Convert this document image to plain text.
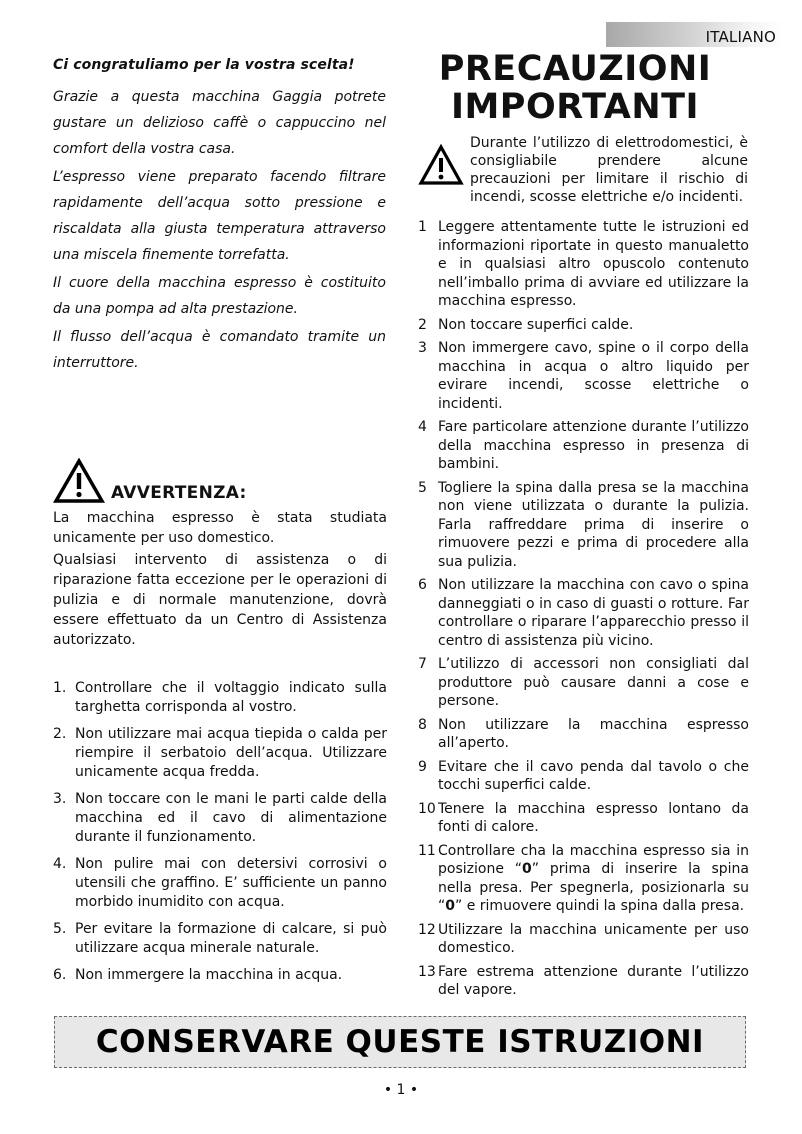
ITALIANO
Ci congratuliamo per la vostra scelta!

Grazie a questa macchina Gaggia potrete gustare un delizioso caffè o cappuccino nel comfort della vostra casa.

L’espresso viene preparato facendo filtrare rapidamente dell’acqua sotto pressione e riscaldata alla giusta temperatura attraverso una miscela finemente torrefatta.

Il cuore della macchina espresso è costituito da una pompa ad alta prestazione.

Il flusso dell’acqua è comandato tramite un interruttore.

AVVERTENZA:

La macchina espresso è stata studiata unicamente per uso domestico.

Qualsiasi intervento di assistenza o di riparazione fatta eccezione per le operazioni di pulizia e di normale manutenzione, dovrà essere effettuato da un Centro di Assistenza autorizzato.

1. Controllare che il voltaggio indicato sulla targhetta corrisponda al vostro.
2. Non utilizzare mai acqua tiepida o calda per riempire il serbatoio dell’acqua. Utilizzare unicamente acqua fredda.
3. Non toccare con le mani le parti calde della macchina ed il cavo di alimentazione durante il funzionamento.
4. Non pulire mai con detersivi corrosivi o utensili che graffino. E’ sufficiente un panno morbido inumidito con acqua.
5. Per evitare la formazione di calcare, si può utilizzare acqua minerale naturale.
6. Non immergere la macchina in acqua.
PRECAUZIONI
IMPORTANTI

Durante l’utilizzo di elettrodomestici, è consigliabile prendere alcune precauzioni per limitare il rischio di incendi, scosse elettriche e/o incidenti.

1 Leggere attentamente tutte le istruzioni ed informazioni riportate in questo manualetto e in qualsiasi altro opuscolo contenuto nell’imballo prima di avviare ed utilizzare la macchina espresso.
2 Non toccare superfici calde.
3 Non immergere cavo, spine o il corpo della macchina in acqua o altro liquido per evirare incendi, scosse elettriche o incidenti.
4 Fare particolare attenzione durante l’utilizzo della macchina espresso in presenza di bambini.
5 Togliere la spina dalla presa se la macchina non viene utilizzata o durante la pulizia. Farla raffreddare prima di inserire o rimuovere pezzi e prima di procedere alla sua pulizia.
6 Non utilizzare la macchina con cavo o spina danneggiati o in caso di guasti o rotture. Far controllare o riparare l’apparecchio presso il centro di assistenza più vicino.
7 L’utilizzo di accessori non consigliati dal produttore può causare danni a cose e persone.
8 Non utilizzare la macchina espresso all’aperto.
9 Evitare che il cavo penda dal tavolo o che tocchi superfici calde.
10 Tenere la macchina espresso lontano da fonti di calore.
11 Controllare cha la macchina espresso sia in posizione “0” prima di inserire la spina nella presa. Per spegnerla, posizionarla su “0” e rimuovere quindi la spina dalla presa.
12 Utilizzare la macchina unicamente per uso domestico.
13 Fare estrema attenzione durante l’utilizzo del vapore.
CONSERVARE QUESTE ISTRUZIONI
• 1 •
